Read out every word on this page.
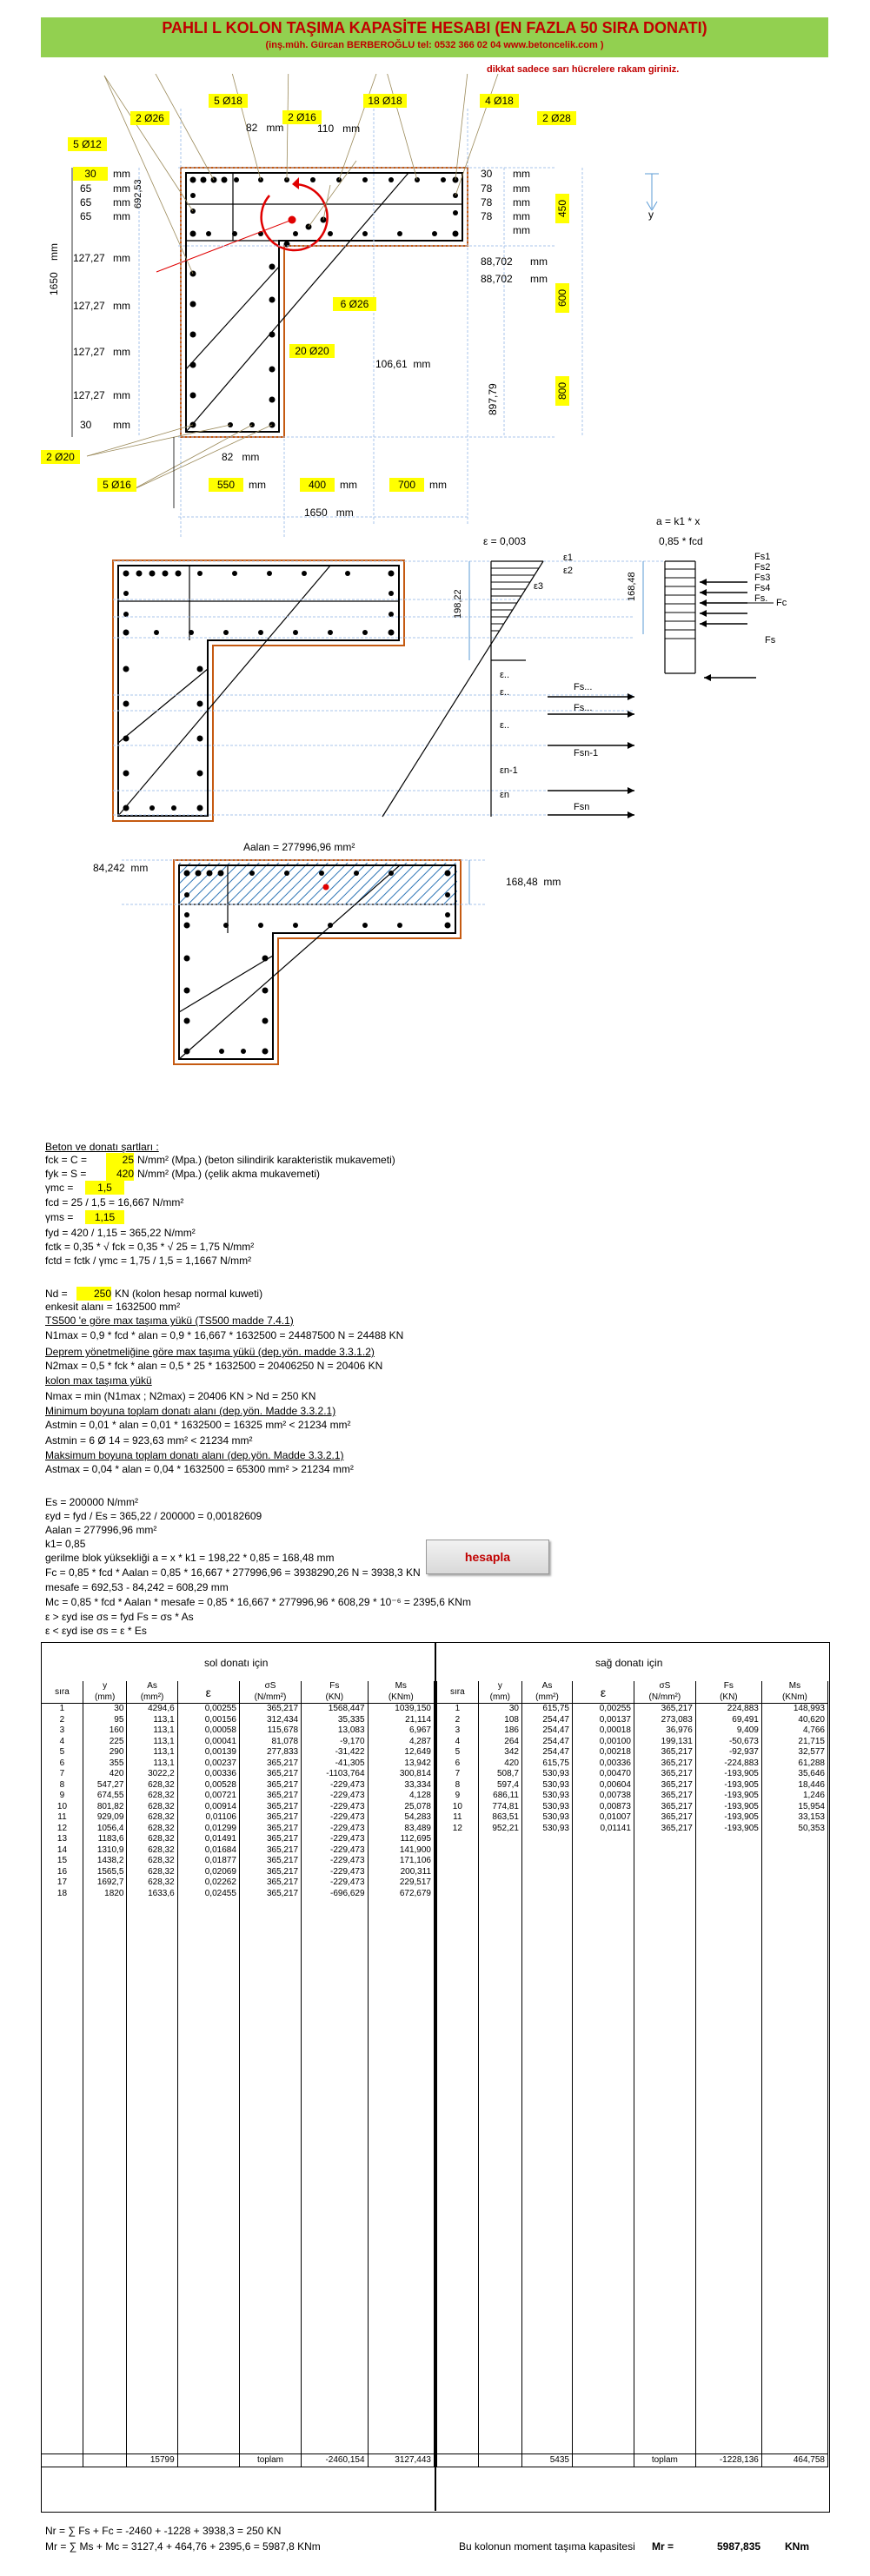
PAHLI L KOLON TAŞIMA KAPASİTE HESABI (EN FAZLA 50 SIRA DONATI)
(inş.müh. Gürcan BERBEROĞLU tel: 0532 366 02 04 www.betoncelik.com )
dikkat sadece sarı hücrelere rakam giriniz.
2 Ø26
5 Ø18
2 Ø16
18 Ø18	4 Ø18
2 Ø28
5 Ø12
82 mm	110 mm
30
65
65
65
mm
mm
mm
mm
692,53
127,27
127,27
127,27
127,27
mm
mm
mm
mm
30 mm
1650
mm
30
78
78
78
mm
mm
mm
mm
mm
450
88,702
88,702
mm
mm
600
6 Ø26
20 Ø20
106,61 mm
897,79	800
y
2 Ø20	82 mm
5 Ø16	550	mm	400	mm	700	mm
1650 mm
a = k1 * x
ε = 0,003	0,85 * fcd
ε1
ε2
ε3
198,22
168,48
Fs1
Fs2
Fs3
Fs4
Fs. Fc
Fs
Fs...
Fs...
Fsn-1
Fsn
ε..
ε..
ε..
εn-1
εn
Aalan = 277996,96 mm²
84,242 mm
168,48 mm
Beton ve donatı şartları :
fck = C =	25 N/mm² (Mpa.) (beton silindirik karakteristik mukavemeti)
fyk = S =	420 N/mm² (Mpa.) (çelik akma mukavemeti)
γmc =	1,5
fcd = 25 / 1,5 = 16,667 N/mm²
γms =	1,15
fyd = 420 / 1,15 = 365,22 N/mm²
fctk = 0,35 * √ fck = 0,35 * √ 25 = 1,75 N/mm²
fctd = fctk / γmc = 1,75 / 1,5 = 1,1667 N/mm²
Nd =	250 KN (kolon hesap normal kuweti)
enkesit alanı = 1632500 mm²
TS500 'e göre max taşıma yükü (TS500 madde 7.4.1)
N1max = 0,9 * fcd * alan = 0,9 * 16,667 * 1632500 = 24487500 N = 24488 KN
Deprem yönetmeliğine göre max taşıma yükü (dep.yön. madde 3.3.1.2)
N2max = 0,5 * fck * alan = 0,5 * 25 * 1632500 = 20406250 N = 20406 KN
kolon max taşıma yükü
Nmax = min (N1max ; N2max) = 20406 KN > Nd = 250 KN
Minimum boyuna toplam donatı alanı (dep.yön. Madde 3.3.2.1)
Astmin = 0,01 * alan = 0,01 * 1632500 = 16325 mm² < 21234 mm²
Astmin = 6 Ø 14 = 923,63 mm² < 21234 mm²
Maksimum boyuna toplam donatı alanı (dep.yön. Madde 3.3.2.1)
Astmax = 0,04 * alan = 0,04 * 1632500 = 65300 mm² > 21234 mm²
Es = 200000 N/mm²
εyd = fyd / Es = 365,22 / 200000 = 0,00182609
Aalan = 277996,96 mm²
k1= 0,85
gerilme blok yüksekliği a = x * k1 = 198,22 * 0,85 = 168,48 mm
Fc = 0,85 * fcd * Aalan = 0,85 * 16,667 * 277996,96 = 3938290,26 N = 3938,3 KN
mesafe = 692,53 - 84,242 = 608,29 mm
Mc = 0,85 * fcd * Aalan * mesafe = 0,85 * 16,667 * 277996,96 * 608,29 * 10⁻⁶ = 2395,6 KNm
ε > εyd ise σs = fyd Fs = σs * As
ε < εyd ise σs = ε * Es
hesapla
sol donatı için	sağ donatı için
sıra	y	As	ε	σS	Fs	Ms
	(mm)	(mm²)		(N/mm²)	(KN)	(KNm)
1	30	4294,6	0,00255	365,217	1568,447	1039,150
2	95	113,1	0,00156	312,434	35,335	21,114
3	160	113,1	0,00058	115,678	13,083	6,967
4	225	113,1	0,00041	81,078	-9,170	4,287
5	290	113,1	0,00139	277,833	-31,422	12,649
6	355	113,1	0,00237	365,217	-41,305	13,942
7	420	3022,2	0,00336	365,217	-1103,764	300,814
8	547,27	628,32	0,00528	365,217	-229,473	33,334
9	674,55	628,32	0,00721	365,217	-229,473	4,128
10	801,82	628,32	0,00914	365,217	-229,473	25,078
11	929,09	628,32	0,01106	365,217	-229,473	54,283
12	1056,4	628,32	0,01299	365,217	-229,473	83,489
13	1183,6	628,32	0,01491	365,217	-229,473	112,695
14	1310,9	628,32	0,01684	365,217	-229,473	141,900
15	1438,2	628,32	0,01877	365,217	-229,473	171,106
16	1565,5	628,32	0,02069	365,217	-229,473	200,311
17	1692,7	628,32	0,02262	365,217	-229,473	229,517
18	1820	1633,6	0,02455	365,217	-696,629	672,679

		15799		toplam	-2460,154	3127,443
sıra	y	As	ε	σS	Fs	Ms
	(mm)	(mm²)		(N/mm²)	(KN)	(KNm)
1	30	615,75	0,00255	365,217	224,883	148,993
2	108	254,47	0,00137	273,083	69,491	40,620
3	186	254,47	0,00018	36,976	9,409	4,766
4	264	254,47	0,00100	199,131	-50,673	21,715
5	342	254,47	0,00218	365,217	-92,937	32,577
6	420	615,75	0,00336	365,217	-224,883	61,288
7	508,7	530,93	0,00470	365,217	-193,905	35,646
8	597,4	530,93	0,00604	365,217	-193,905	18,446
9	686,11	530,93	0,00738	365,217	-193,905	1,246
10	774,81	530,93	0,00873	365,217	-193,905	15,954
11	863,51	530,93	0,01007	365,217	-193,905	33,153
12	952,21	530,93	0,01141	365,217	-193,905	50,353

		5435		toplam	-1228,136	464,758
Nr = ∑ Fs + Fc = -2460 + -1228 + 3938,3 = 250 KN
Mr = ∑ Ms + Mc = 3127,4 + 464,76 + 2395,6 = 5987,8 KNm	Bu kolonun moment taşıma kapasitesi Mr =	5987,835 KNm
